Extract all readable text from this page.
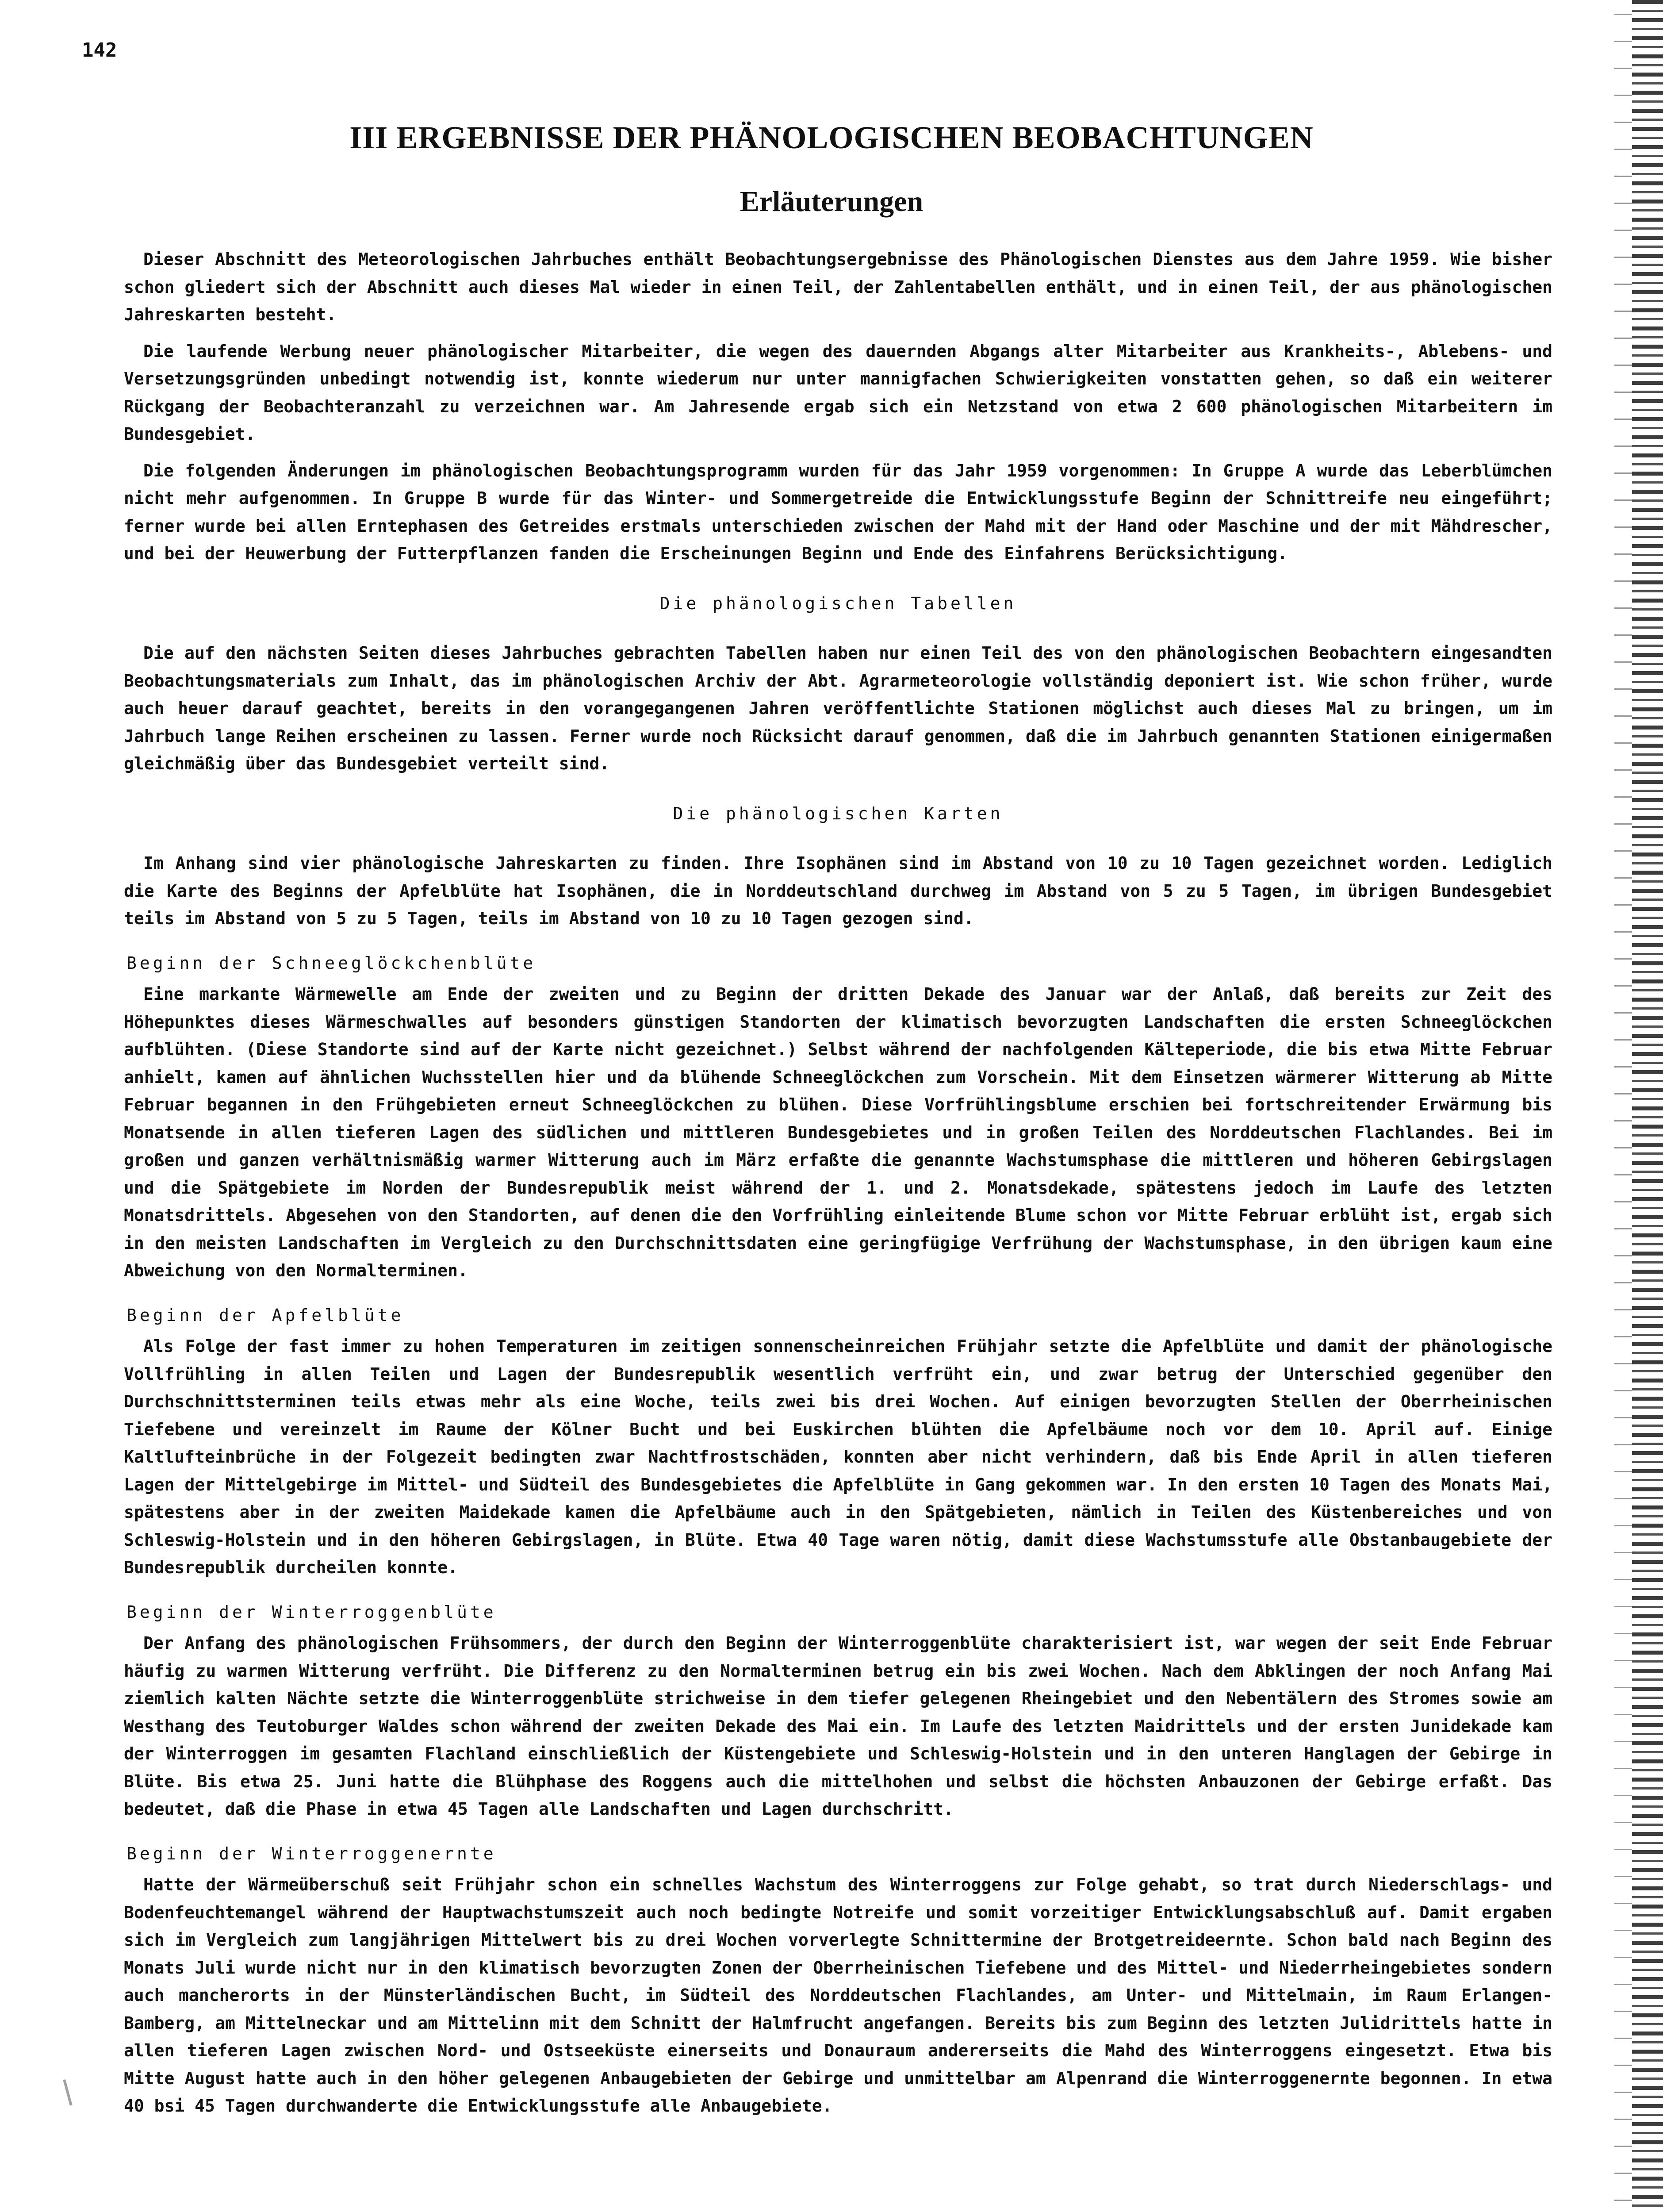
142
III ERGEBNISSE DER PHÄNOLOGISCHEN BEOBACHTUNGEN
Erläuterungen

Dieser Abschnitt des Meteorologischen Jahrbuches enthält Beobachtungsergebnisse des Phänologischen Dienstes aus dem Jahre 1959. Wie bisher schon gliedert sich der Abschnitt auch dieses Mal wieder in einen Teil, der Zahlentabellen enthält, und in einen Teil, der aus phänologischen Jahreskarten besteht.

Die laufende Werbung neuer phänologischer Mitarbeiter, die wegen des dauernden Abgangs alter Mitarbeiter aus Krankheits-, Ablebens- und Versetzungsgründen unbedingt notwendig ist, konnte wiederum nur unter mannigfachen Schwierigkeiten vonstatten gehen, so daß ein weiterer Rückgang der Beobachteranzahl zu verzeichnen war. Am Jahresende ergab sich ein Netzstand von etwa 2 600 phänologischen Mitarbeitern im Bundesgebiet.

Die folgenden Änderungen im phänologischen Beobachtungsprogramm wurden für das Jahr 1959 vorgenommen: In Gruppe A wurde das Leberblümchen nicht mehr aufgenommen. In Gruppe B wurde für das Winter- und Sommergetreide die Entwicklungsstufe Beginn der Schnittreife neu eingeführt; ferner wurde bei allen Erntephasen des Getreides erstmals unterschieden zwischen der Mahd mit der Hand oder Maschine und der mit Mähdrescher, und bei der Heuwerbung der Futterpflanzen fanden die Erscheinungen Beginn und Ende des Einfahrens Berücksichtigung.

Die phänologischen Tabellen

Die auf den nächsten Seiten dieses Jahrbuches gebrachten Tabellen haben nur einen Teil des von den phänologischen Beobachtern eingesandten Beobachtungsmaterials zum Inhalt, das im phänologischen Archiv der Abt. Agrarmeteorologie vollständig deponiert ist. Wie schon früher, wurde auch heuer darauf geachtet, bereits in den vorangegangenen Jahren veröffentlichte Stationen möglichst auch dieses Mal zu bringen, um im Jahrbuch lange Reihen erscheinen zu lassen. Ferner wurde noch Rücksicht darauf genommen, daß die im Jahrbuch genannten Stationen einigermaßen gleichmäßig über das Bundesgebiet verteilt sind.

Die phänologischen Karten

Im Anhang sind vier phänologische Jahreskarten zu finden. Ihre Isophänen sind im Abstand von 10 zu 10 Tagen gezeichnet worden. Lediglich die Karte des Beginns der Apfelblüte hat Isophänen, die in Norddeutschland durchweg im Abstand von 5 zu 5 Tagen, im übrigen Bundesgebiet teils im Abstand von 5 zu 5 Tagen, teils im Abstand von 10 zu 10 Tagen gezogen sind.

Beginn der Schneeglöckchenblüte

Eine markante Wärmewelle am Ende der zweiten und zu Beginn der dritten Dekade des Januar war der Anlaß, daß bereits zur Zeit des Höhepunktes dieses Wärmeschwalles auf besonders günstigen Standorten der klimatisch bevorzugten Landschaften die ersten Schneeglöckchen aufblühten. (Diese Standorte sind auf der Karte nicht gezeichnet.) Selbst während der nachfolgenden Kälteperiode, die bis etwa Mitte Februar anhielt, kamen auf ähnlichen Wuchsstellen hier und da blühende Schneeglöckchen zum Vorschein. Mit dem Einsetzen wärmerer Witterung ab Mitte Februar begannen in den Frühgebieten erneut Schneeglöckchen zu blühen. Diese Vorfrühlingsblume erschien bei fortschreitender Erwärmung bis Monatsende in allen tieferen Lagen des südlichen und mittleren Bundesgebietes und in großen Teilen des Norddeutschen Flachlandes. Bei im großen und ganzen verhältnismäßig warmer Witterung auch im März erfaßte die genannte Wachstumsphase die mittleren und höheren Gebirgslagen und die Spätgebiete im Norden der Bundesrepublik meist während der 1. und 2. Monatsdekade, spätestens jedoch im Laufe des letzten Monatsdrittels. Abgesehen von den Standorten, auf denen die den Vorfrühling einleitende Blume schon vor Mitte Februar erblüht ist, ergab sich in den meisten Landschaften im Vergleich zu den Durchschnittsdaten eine geringfügige Verfrühung der Wachstumsphase, in den übrigen kaum eine Abweichung von den Normalterminen.

Beginn der Apfelblüte

Als Folge der fast immer zu hohen Temperaturen im zeitigen sonnenscheinreichen Frühjahr setzte die Apfelblüte und damit der phänologische Vollfrühling in allen Teilen und Lagen der Bundesrepublik wesentlich verfrüht ein, und zwar betrug der Unterschied gegenüber den Durchschnittsterminen teils etwas mehr als eine Woche, teils zwei bis drei Wochen. Auf einigen bevorzugten Stellen der Oberrheinischen Tiefebene und vereinzelt im Raume der Kölner Bucht und bei Euskirchen blühten die Apfelbäume noch vor dem 10. April auf. Einige Kaltlufteinbrüche in der Folgezeit bedingten zwar Nachtfrostschäden, konnten aber nicht verhindern, daß bis Ende April in allen tieferen Lagen der Mittelgebirge im Mittel- und Südteil des Bundesgebietes die Apfelblüte in Gang gekommen war. In den ersten 10 Tagen des Monats Mai, spätestens aber in der zweiten Maidekade kamen die Apfelbäume auch in den Spätgebieten, nämlich in Teilen des Küstenbereiches und von Schleswig-Holstein und in den höheren Gebirgslagen, in Blüte. Etwa 40 Tage waren nötig, damit diese Wachstumsstufe alle Obstanbaugebiete der Bundesrepublik durcheilen konnte.

Beginn der Winterroggenblüte

Der Anfang des phänologischen Frühsommers, der durch den Beginn der Winterroggenblüte charakterisiert ist, war wegen der seit Ende Februar häufig zu warmen Witterung verfrüht. Die Differenz zu den Normalterminen betrug ein bis zwei Wochen. Nach dem Abklingen der noch Anfang Mai ziemlich kalten Nächte setzte die Winterroggenblüte strichweise in dem tiefer gelegenen Rheingebiet und den Nebentälern des Stromes sowie am Westhang des Teutoburger Waldes schon während der zweiten Dekade des Mai ein. Im Laufe des letzten Maidrittels und der ersten Junidekade kam der Winterroggen im gesamten Flachland einschließlich der Küstengebiete und Schleswig-Holstein und in den unteren Hanglagen der Gebirge in Blüte. Bis etwa 25. Juni hatte die Blühphase des Roggens auch die mittelhohen und selbst die höchsten Anbauzonen der Gebirge erfaßt. Das bedeutet, daß die Phase in etwa 45 Tagen alle Landschaften und Lagen durchschritt.

Beginn der Winterroggenernte

Hatte der Wärmeüberschuß seit Frühjahr schon ein schnelles Wachstum des Winterroggens zur Folge gehabt, so trat durch Niederschlags- und Bodenfeuchtemangel während der Hauptwachstumszeit auch noch bedingte Notreife und somit vorzeitiger Entwicklungsabschluß auf. Damit ergaben sich im Vergleich zum langjährigen Mittelwert bis zu drei Wochen vorverlegte Schnittermine der Brotgetreideernte. Schon bald nach Beginn des Monats Juli wurde nicht nur in den klimatisch bevorzugten Zonen der Oberrheinischen Tiefebene und des Mittel- und Niederrheingebietes sondern auch mancherorts in der Münsterländischen Bucht, im Südteil des Norddeutschen Flachlandes, am Unter- und Mittelmain, im Raum Erlangen-Bamberg, am Mittelneckar und am Mittelinn mit dem Schnitt der Halmfrucht angefangen. Bereits bis zum Beginn des letzten Julidrittels hatte in allen tieferen Lagen zwischen Nord- und Ostseeküste einerseits und Donauraum andererseits die Mahd des Winterroggens eingesetzt. Etwa bis Mitte August hatte auch in den höher gelegenen Anbaugebieten der Gebirge und unmittelbar am Alpenrand die Winterroggenernte begonnen. In etwa 40 bsi 45 Tagen durchwanderte die Entwicklungsstufe alle Anbaugebiete.
